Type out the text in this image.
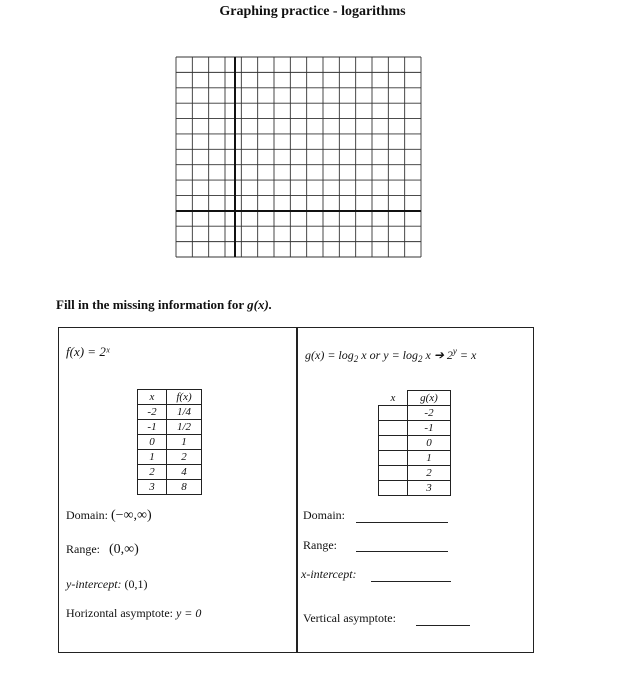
Graphing practice - logarithms
Fill in the missing information for g(x).
f(x) = 2ˣ	$g(x) = \log_2 x$ or $y = \log_2 x$ ➔ $2^y = x$
x	f(x)
-2	1/4
-1	1/2
0	1
1	2
2	4
3	8
x	g(x)
	-2
	-1
	0
	1
	2
	3
Domain: (−∞,∞)
Range: (0,∞)
y-intercept: (0,1)
Horizontal asymptote: y = 0
Domain:
Range:
x-intercept:
Vertical asymptote:
